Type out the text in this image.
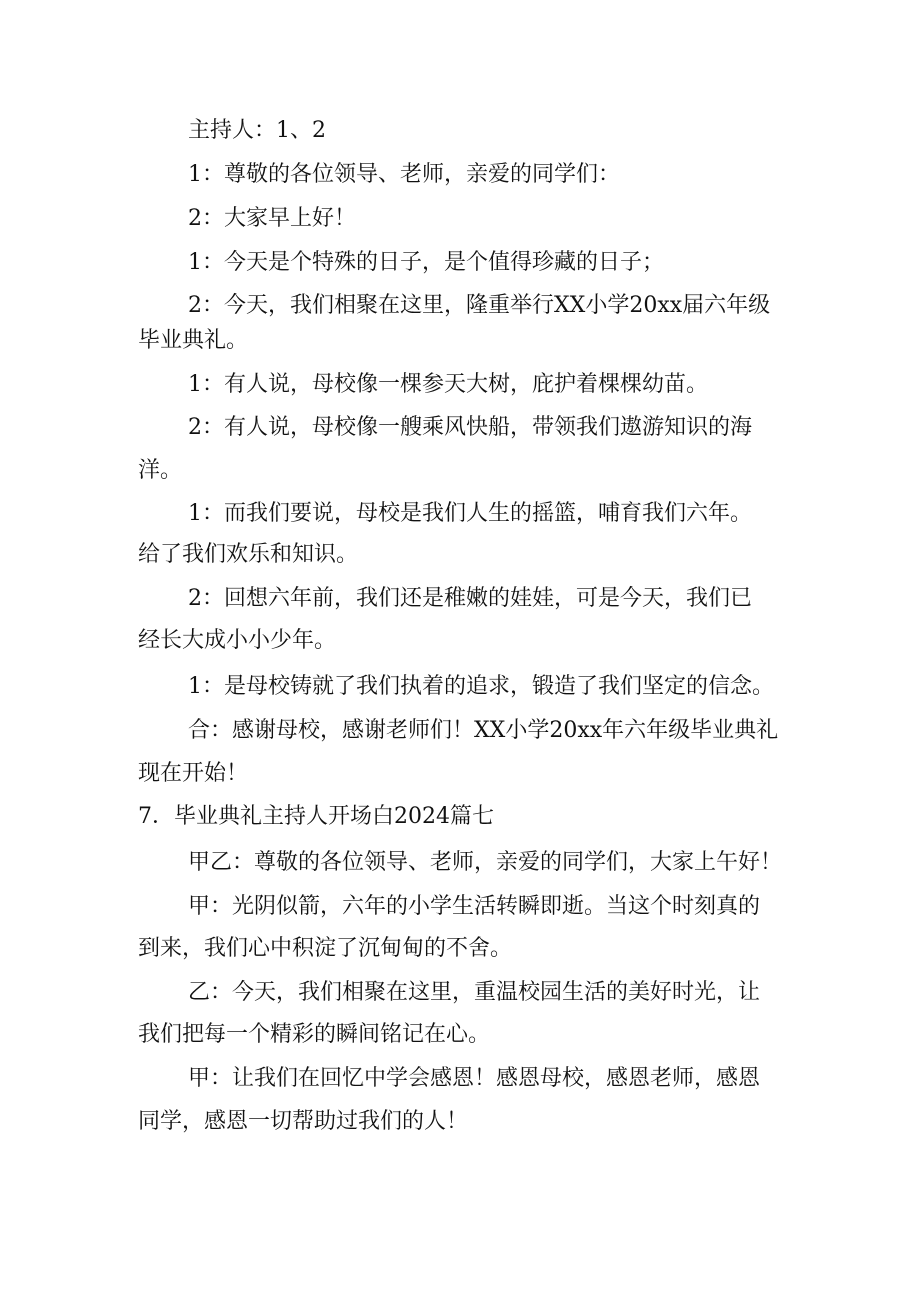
主持人：1、2
1：尊敬的各位领导、老师，亲爱的同学们：
2：大家早上好！
1：今天是个特殊的日子，是个值得珍藏的日子；
2：今天，我们相聚在这里，隆重举行XX小学20xx届六年级
毕业典礼。
1：有人说，母校像一棵参天大树，庇护着棵棵幼苗。
2：有人说，母校像一艘乘风快船，带领我们遨游知识的海
洋。
1：而我们要说，母校是我们人生的摇篮，哺育我们六年。
给了我们欢乐和知识。
2：回想六年前，我们还是稚嫩的娃娃，可是今天，我们已
经长大成小小少年。
1：是母校铸就了我们执着的追求，锻造了我们坚定的信念。
合：感谢母校，感谢老师们！XX小学20xx年六年级毕业典礼
现在开始！
7．毕业典礼主持人开场白2024篇七
甲乙：尊敬的各位领导、老师，亲爱的同学们，大家上午好！
甲：光阴似箭，六年的小学生活转瞬即逝。当这个时刻真的
到来，我们心中积淀了沉甸甸的不舍。
乙：今天，我们相聚在这里，重温校园生活的美好时光，让
我们把每一个精彩的瞬间铭记在心。
甲：让我们在回忆中学会感恩！感恩母校，感恩老师，感恩
同学，感恩一切帮助过我们的人！
